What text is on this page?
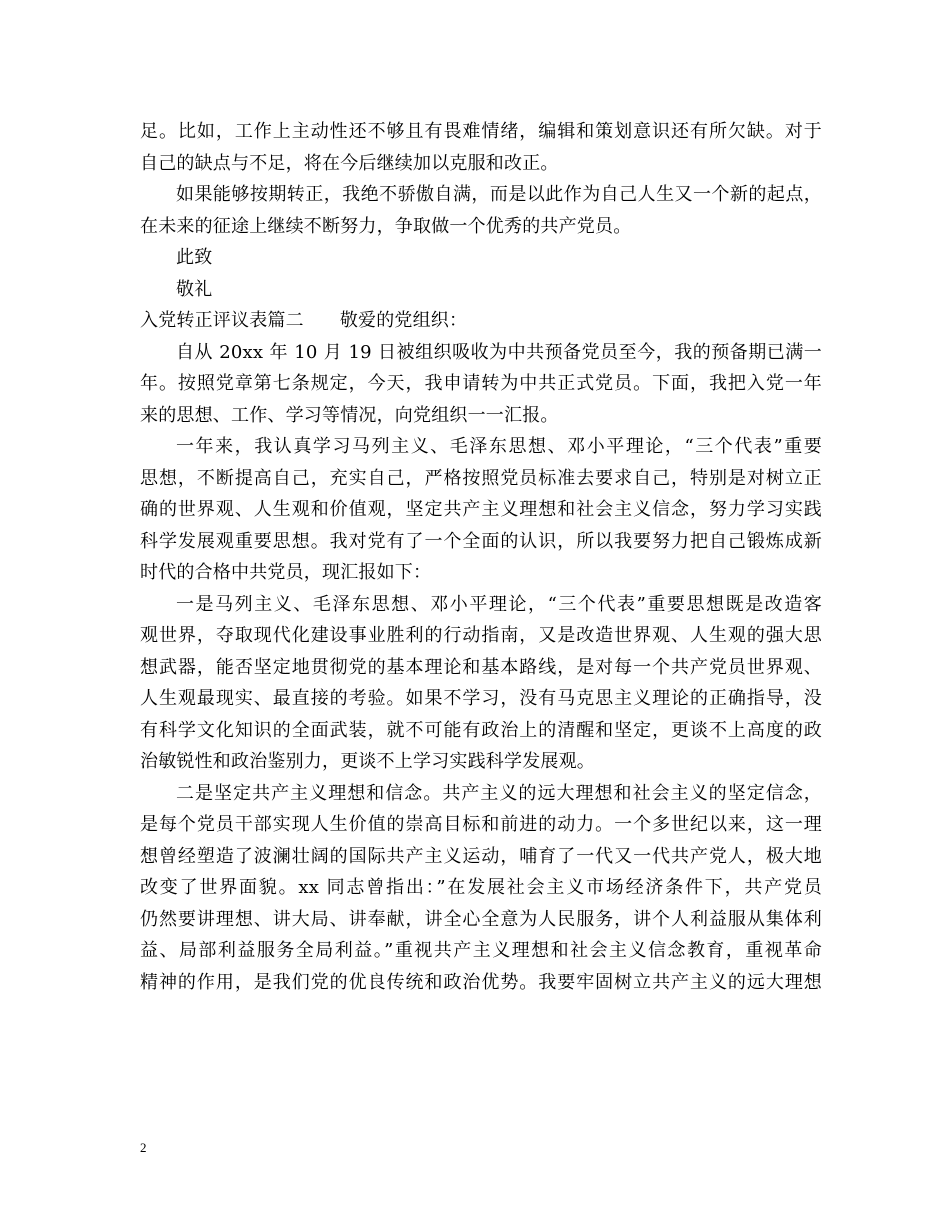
足。比如，工作上主动性还不够且有畏难情绪，编辑和策划意识还有所欠缺。对于
自己的缺点与不足，将在今后继续加以克服和改正。
如果能够按期转正，我绝不骄傲自满，而是以此作为自己人生又一个新的起点，
在未来的征途上继续不断努力，争取做一个优秀的共产党员。
此致
敬礼
入党转正评议表篇二 敬爱的党组织：
自从 20xx 年 10 月 19 日被组织吸收为中共预备党员至今，我的预备期已满一
年。按照党章第七条规定，今天，我申请转为中共正式党员。下面，我把入党一年
来的思想、工作、学习等情况，向党组织一一汇报。
一年来，我认真学习马列主义、毛泽东思想、邓小平理论，“三个代表”重要
思想，不断提高自己，充实自己，严格按照党员标准去要求自己，特别是对树立正
确的世界观、人生观和价值观，坚定共产主义理想和社会主义信念，努力学习实践
科学发展观重要思想。我对党有了一个全面的认识，所以我要努力把自己锻炼成新
时代的合格中共党员，现汇报如下：
一是马列主义、毛泽东思想、邓小平理论，“三个代表”重要思想既是改造客
观世界，夺取现代化建设事业胜利的行动指南，又是改造世界观、人生观的强大思
想武器，能否坚定地贯彻党的基本理论和基本路线，是对每一个共产党员世界观、
人生观最现实、最直接的考验。如果不学习，没有马克思主义理论的正确指导，没
有科学文化知识的全面武装，就不可能有政治上的清醒和坚定，更谈不上高度的政
治敏锐性和政治鉴别力，更谈不上学习实践科学发展观。
二是坚定共产主义理想和信念。共产主义的远大理想和社会主义的坚定信念，
是每个党员干部实现人生价值的崇高目标和前进的动力。一个多世纪以来，这一理
想曾经塑造了波澜壮阔的国际共产主义运动，哺育了一代又一代共产党人，极大地
改变了世界面貌。xx 同志曾指出：”在发展社会主义市场经济条件下，共产党员
仍然要讲理想、讲大局、讲奉献，讲全心全意为人民服务，讲个人利益服从集体利
益、局部利益服务全局利益。”重视共产主义理想和社会主义信念教育，重视革命
精神的作用，是我们党的优良传统和政治优势。我要牢固树立共产主义的远大理想
2
